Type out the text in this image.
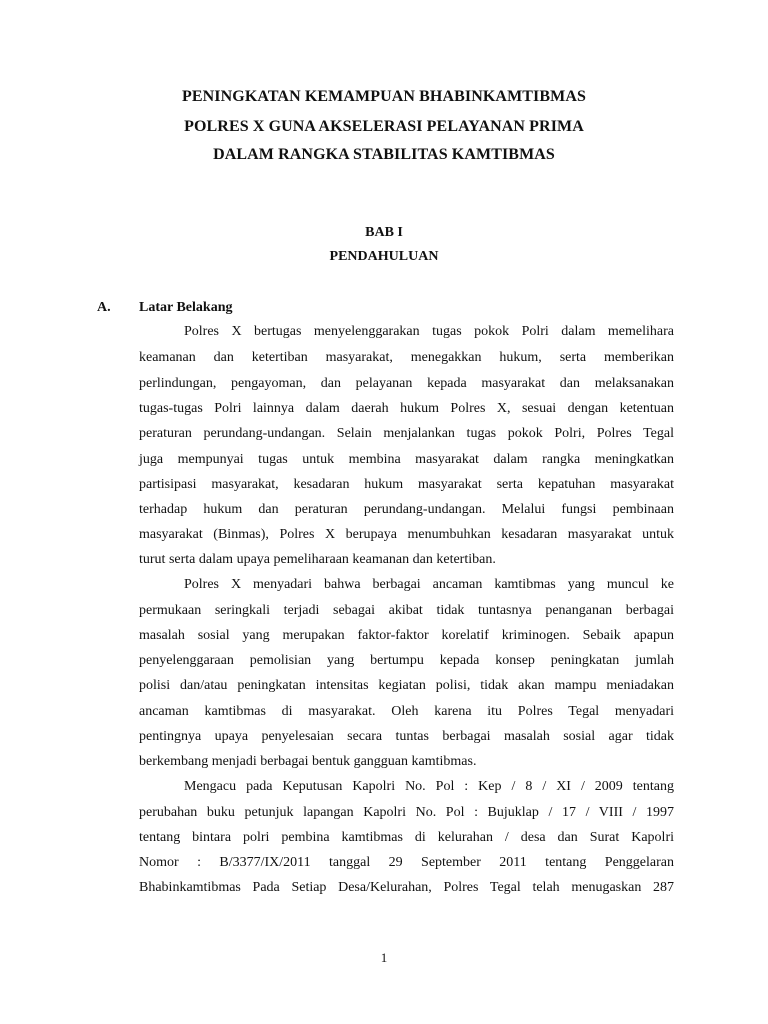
PENINGKATAN KEMAMPUAN BHABINKAMTIBMAS
POLRES X GUNA AKSELERASI PELAYANAN PRIMA
DALAM RANGKA STABILITAS KAMTIBMAS
BAB I
PENDAHULUAN
A. Latar Belakang
Polres X bertugas menyelenggarakan tugas pokok Polri dalam memelihara
keamanan dan ketertiban masyarakat, menegakkan hukum, serta memberikan
perlindungan, pengayoman, dan pelayanan kepada masyarakat dan melaksanakan
tugas-tugas Polri lainnya dalam daerah hukum Polres X, sesuai dengan ketentuan
peraturan perundang-undangan. Selain menjalankan tugas pokok Polri, Polres Tegal
juga mempunyai tugas untuk membina masyarakat dalam rangka meningkatkan
partisipasi masyarakat, kesadaran hukum masyarakat serta kepatuhan masyarakat
terhadap hukum dan peraturan perundang-undangan. Melalui fungsi pembinaan
masyarakat (Binmas), Polres X berupaya menumbuhkan kesadaran masyarakat untuk
turut serta dalam upaya pemeliharaan keamanan dan ketertiban.
Polres X menyadari bahwa berbagai ancaman kamtibmas yang muncul ke
permukaan seringkali terjadi sebagai akibat tidak tuntasnya penanganan berbagai
masalah sosial yang merupakan faktor-faktor korelatif kriminogen. Sebaik apapun
penyelenggaraan pemolisian yang bertumpu kepada konsep peningkatan jumlah
polisi dan/atau peningkatan intensitas kegiatan polisi, tidak akan mampu meniadakan
ancaman kamtibmas di masyarakat. Oleh karena itu Polres Tegal menyadari
pentingnya upaya penyelesaian secara tuntas berbagai masalah sosial agar tidak
berkembang menjadi berbagai bentuk gangguan kamtibmas.
Mengacu pada Keputusan Kapolri No. Pol : Kep / 8 / XI / 2009 tentang
perubahan buku petunjuk lapangan Kapolri No. Pol : Bujuklap / 17 / VIII / 1997
tentang bintara polri pembina kamtibmas di kelurahan / desa dan Surat Kapolri
Nomor : B/3377/IX/2011 tanggal 29 September 2011 tentang Penggelaran
Bhabinkamtibmas Pada Setiap Desa/Kelurahan, Polres Tegal telah menugaskan 287
1
